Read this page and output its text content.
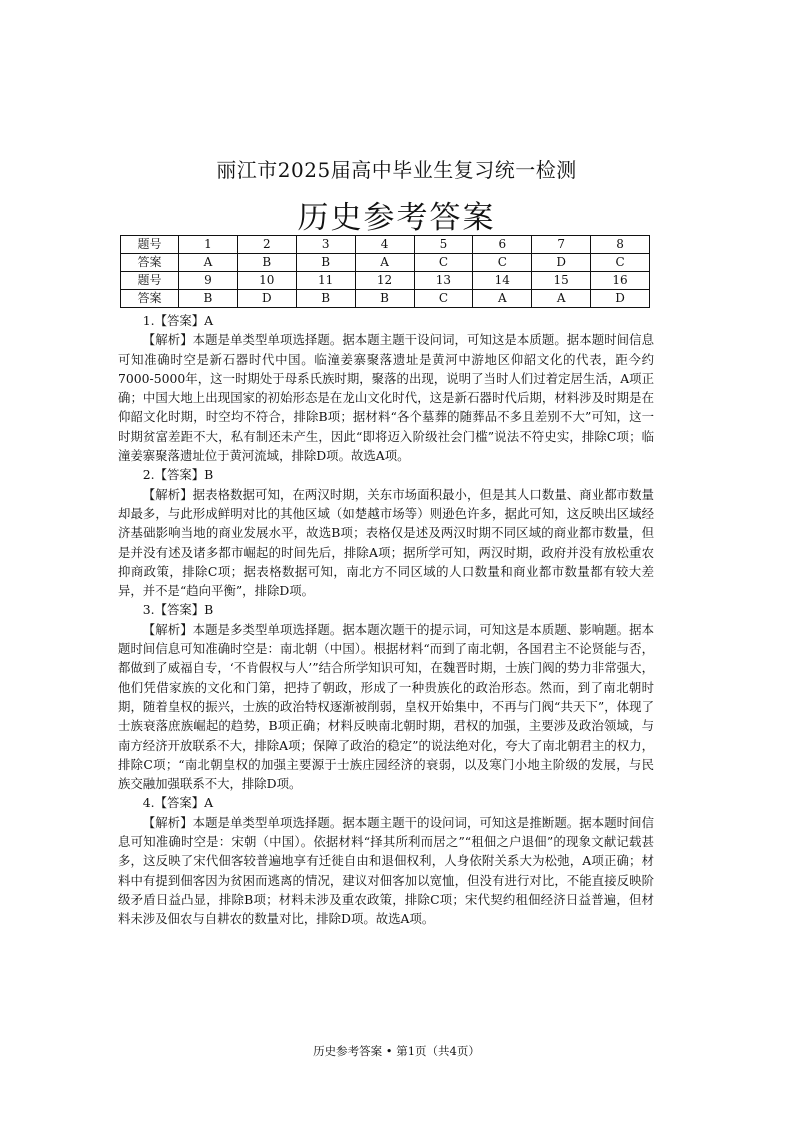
丽江市2025届高中毕业生复习统一检测
历史参考答案
题号	1	2	3	4	5	6	7	8
答案	A	B	B	A	C	C	D	C
题号	9	10	11	12	13	14	15	16
答案	B	D	B	B	C	A	A	D

1.【答案】A

【解析】本题是单类型单项选择题。据本题主题干设问词，可知这是本质题。据本题时间信息可知准确时空是新石器时代中国。临潼姜寨聚落遗址是黄河中游地区仰韶文化的代表，距今约7000-5000年，这一时期处于母系氏族时期，聚落的出现，说明了当时人们过着定居生活，A项正确；中国大地上出现国家的初始形态是在龙山文化时代，这是新石器时代后期，材料涉及时期是在仰韶文化时期，时空均不符合，排除B项；据材料“各个墓葬的随葬品不多且差别不大”可知，这一时期贫富差距不大，私有制还未产生，因此“即将迈入阶级社会门槛”说法不符史实，排除C项；临潼姜寨聚落遗址位于黄河流域，排除D项。故选A项。

2.【答案】B

【解析】据表格数据可知，在两汉时期，关东市场面积最小，但是其人口数量、商业都市数量却最多，与此形成鲜明对比的其他区域（如楚越市场等）则逊色许多，据此可知，这反映出区域经济基础影响当地的商业发展水平，故选B项；表格仅是述及两汉时期不同区域的商业都市数量，但是并没有述及诸多都市崛起的时间先后，排除A项；据所学可知，两汉时期，政府并没有放松重农抑商政策，排除C项；据表格数据可知，南北方不同区域的人口数量和商业都市数量都有较大差异，并不是“趋向平衡”，排除D项。

3.【答案】B

【解析】本题是多类型单项选择题。据本题次题干的提示词，可知这是本质题、影响题。据本题时间信息可知准确时空是：南北朝（中国）。根据材料“而到了南北朝，各国君主不论贤能与否，都做到了威福自专，‘不肯假权与人’”结合所学知识可知，在魏晋时期，士族门阀的势力非常强大，他们凭借家族的文化和门第，把持了朝政，形成了一种贵族化的政治形态。然而，到了南北朝时期，随着皇权的振兴，士族的政治特权逐渐被削弱，皇权开始集中，不再与门阀“共天下”，体现了士族衰落庶族崛起的趋势，B项正确；材料反映南北朝时期，君权的加强，主要涉及政治领域，与南方经济开放联系不大，排除A项；保障了政治的稳定”的说法绝对化，夸大了南北朝君主的权力，排除C项；“南北朝皇权的加强主要源于士族庄园经济的衰弱，以及寒门小地主阶级的发展，与民族交融加强联系不大，排除D项。

4.【答案】A

【解析】本题是单类型单项选择题。据本题主题干的设问词，可知这是推断题。据本题时间信息可知准确时空是：宋朝（中国）。依据材料“择其所利而居之”“租佃之户退佃”的现象文献记载甚多，这反映了宋代佃客较普遍地享有迁徙自由和退佃权利，人身依附关系大为松弛，A项正确；材料中有提到佃客因为贫困而逃离的情况，建议对佃客加以宽恤，但没有进行对比，不能直接反映阶级矛盾日益凸显，排除B项；材料未涉及重农政策，排除C项；宋代契约租佃经济日益普遍，但材料未涉及佃农与自耕农的数量对比，排除D项。故选A项。

历史参考答案 • 第1页（共4页）
